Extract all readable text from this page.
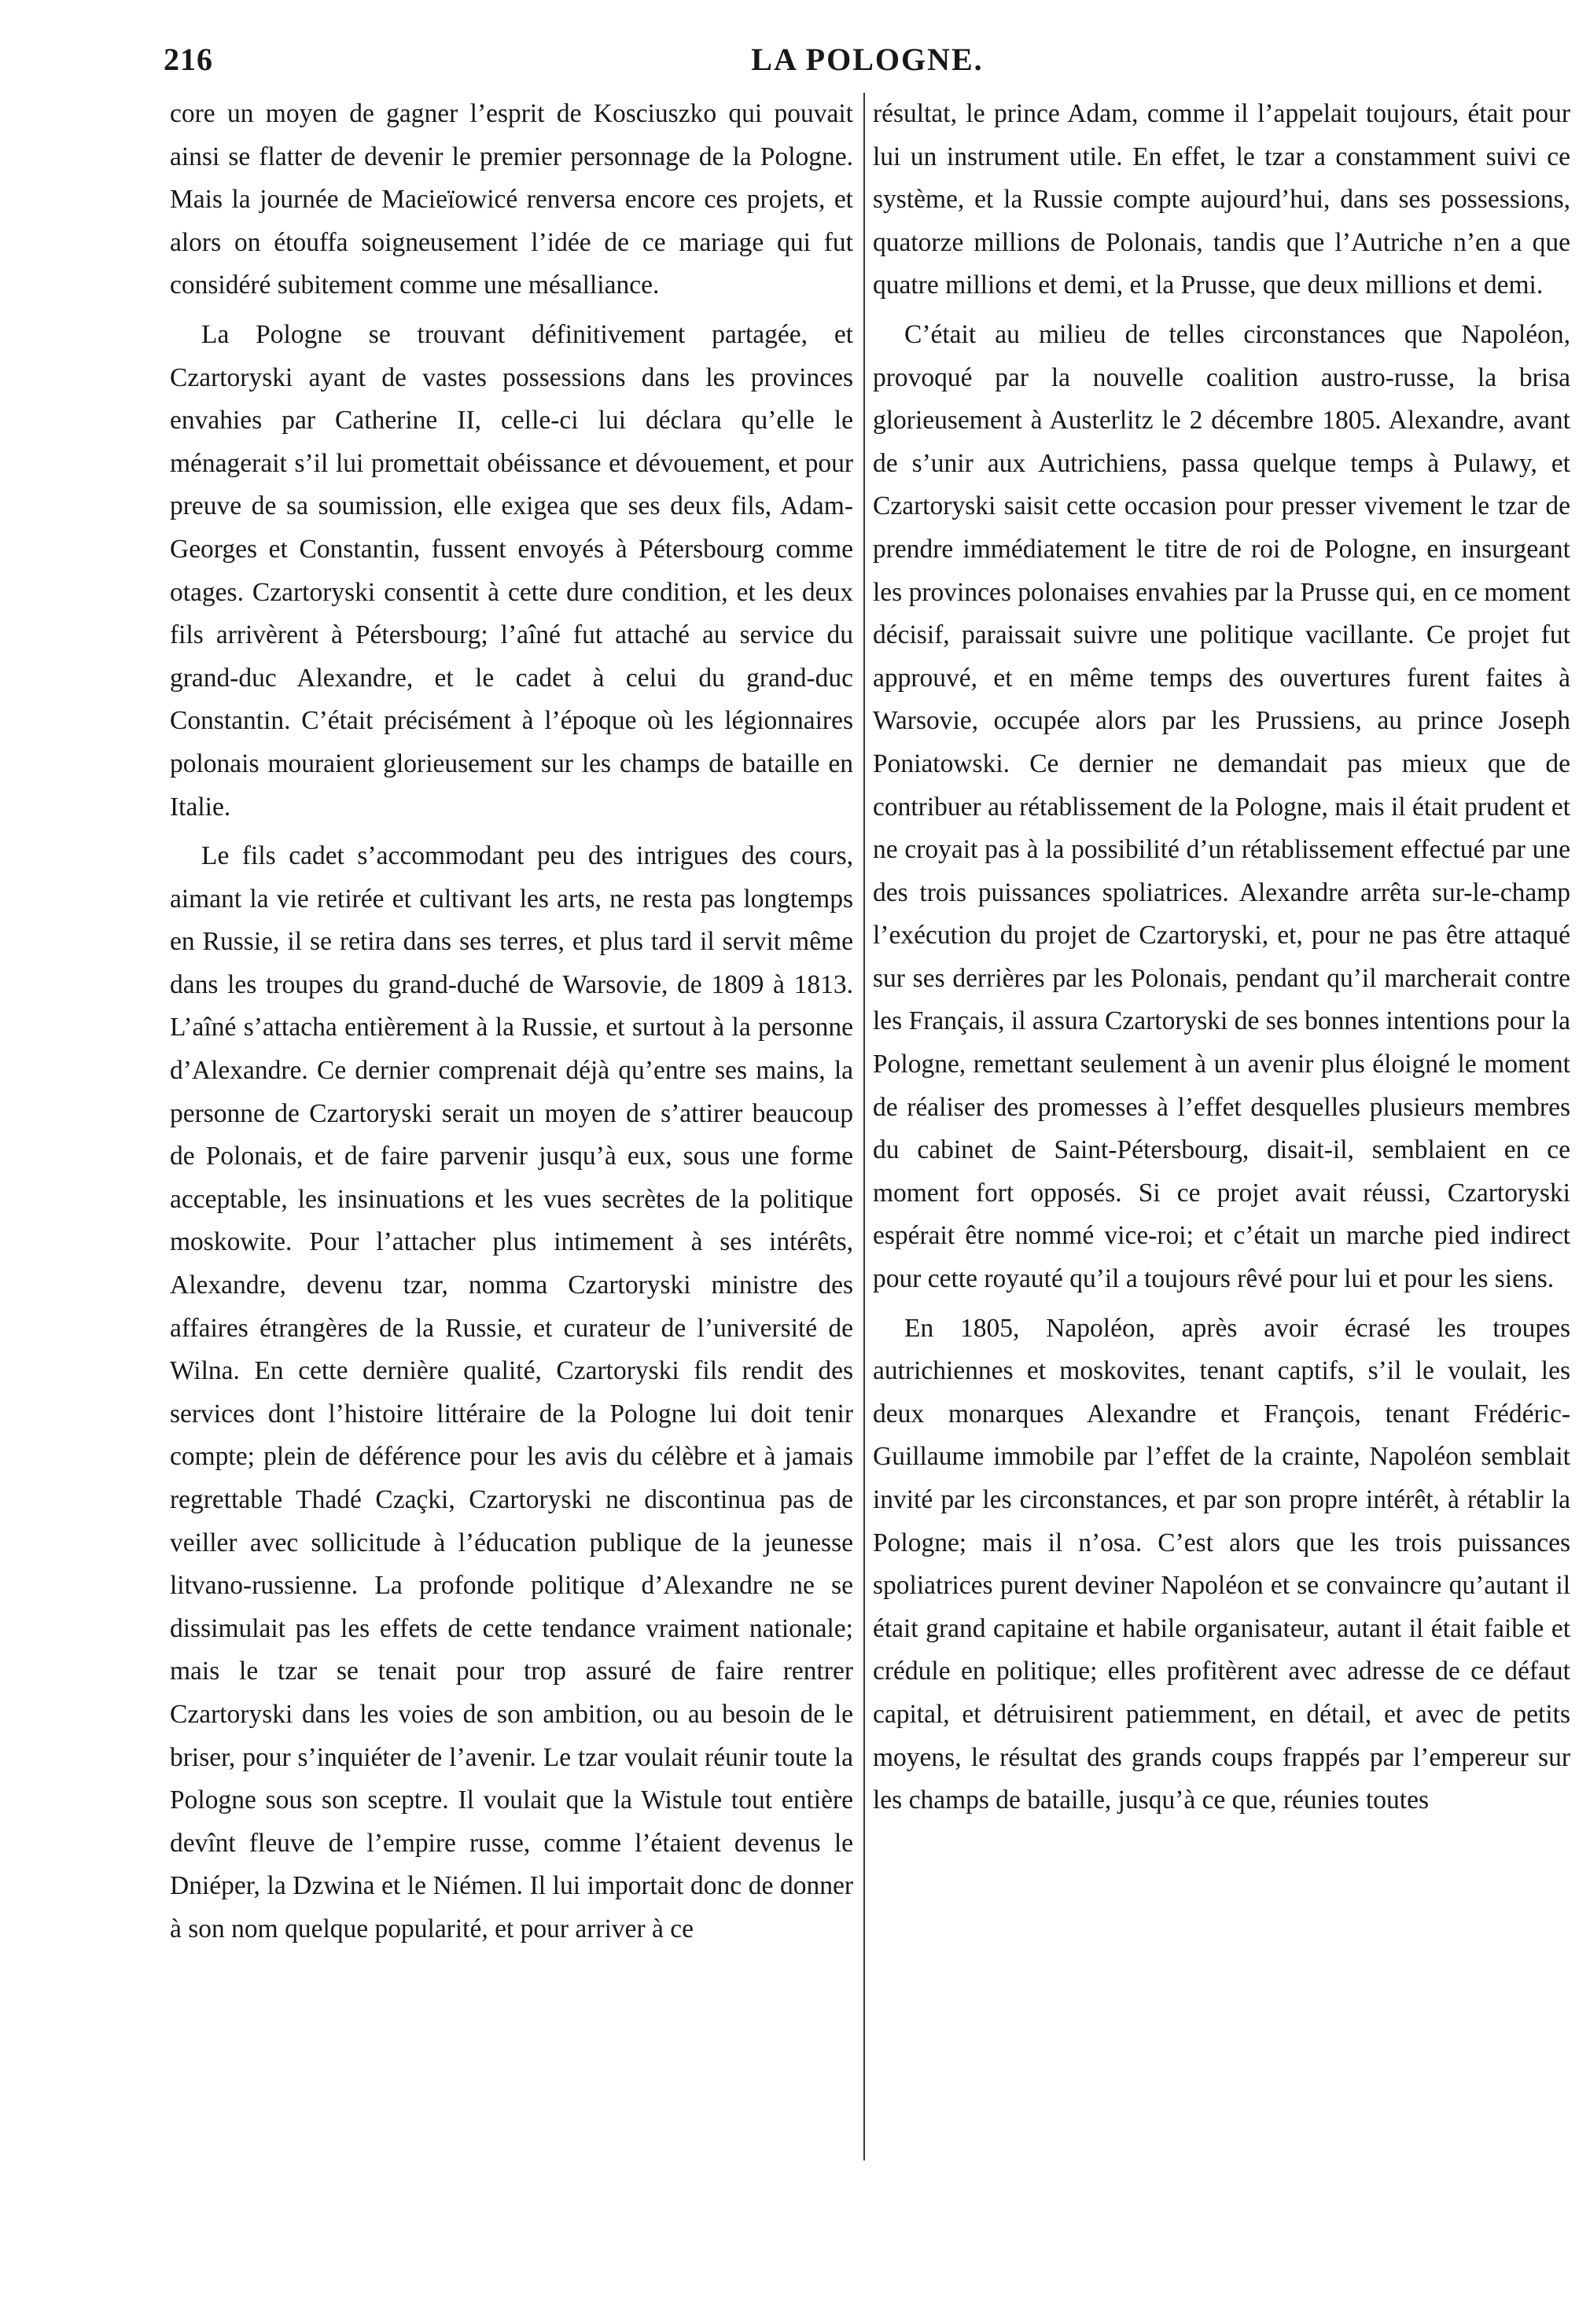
216	LA POLOGNE.

core un moyen de gagner l’esprit de Kosciuszko qui pouvait ainsi se flatter de devenir le premier personnage de la Pologne. Mais la journée de Macieïowicé renversa encore ces projets, et alors on étouffa soigneusement l’idée de ce mariage qui fut considéré subitement comme une mésalliance.

La Pologne se trouvant définitivement partagée, et Czartoryski ayant de vastes possessions dans les provinces envahies par Catherine II, celle-ci lui déclara qu’elle le ménagerait s’il lui promettait obéissance et dévouement, et pour preuve de sa soumission, elle exigea que ses deux fils, Adam-Georges et Constantin, fussent envoyés à Pétersbourg comme otages. Czartoryski consentit à cette dure condition, et les deux fils arrivèrent à Pétersbourg; l’aîné fut attaché au service du grand-duc Alexandre, et le cadet à celui du grand-duc Constantin. C’était précisément à l’époque où les légionnaires polonais mouraient glorieusement sur les champs de bataille en Italie.

Le fils cadet s’accommodant peu des intrigues des cours, aimant la vie retirée et cultivant les arts, ne resta pas longtemps en Russie, il se retira dans ses terres, et plus tard il servit même dans les troupes du grand-duché de Warsovie, de 1809 à 1813. L’aîné s’attacha entièrement à la Russie, et surtout à la personne d’Alexandre. Ce dernier comprenait déjà qu’entre ses mains, la personne de Czartoryski serait un moyen de s’attirer beaucoup de Polonais, et de faire parvenir jusqu’à eux, sous une forme acceptable, les insinuations et les vues secrètes de la politique moskowite. Pour l’attacher plus intimement à ses intérêts, Alexandre, devenu tzar, nomma Czartoryski ministre des affaires étrangères de la Russie, et curateur de l’université de Wilna. En cette dernière qualité, Czartoryski fils rendit des services dont l’histoire littéraire de la Pologne lui doit tenir compte; plein de déférence pour les avis du célèbre et à jamais regrettable Thadé Czaçki, Czartoryski ne discontinua pas de veiller avec sollicitude à l’éducation publique de la jeunesse litvano-russienne. La profonde politique d’Alexandre ne se dissimulait pas les effets de cette tendance vraiment nationale; mais le tzar se tenait pour trop assuré de faire rentrer Czartoryski dans les voies de son ambition, ou au besoin de le briser, pour s’inquiéter de l’avenir. Le tzar voulait réunir toute la Pologne sous son sceptre. Il voulait que la Wistule tout entière devînt fleuve de l’empire russe, comme l’étaient devenus le Dniéper, la Dzwina et le Niémen. Il lui importait donc de donner à son nom quelque popularité, et pour arriver à ce

résultat, le prince Adam, comme il l’appelait toujours, était pour lui un instrument utile. En effet, le tzar a constamment suivi ce système, et la Russie compte aujourd’hui, dans ses possessions, quatorze millions de Polonais, tandis que l’Autriche n’en a que quatre millions et demi, et la Prusse, que deux millions et demi.

C’était au milieu de telles circonstances que Napoléon, provoqué par la nouvelle coalition austro-russe, la brisa glorieusement à Austerlitz le 2 décembre 1805. Alexandre, avant de s’unir aux Autrichiens, passa quelque temps à Pulawy, et Czartoryski saisit cette occasion pour presser vivement le tzar de prendre immédiatement le titre de roi de Pologne, en insurgeant les provinces polonaises envahies par la Prusse qui, en ce moment décisif, paraissait suivre une politique vacillante. Ce projet fut approuvé, et en même temps des ouvertures furent faites à Warsovie, occupée alors par les Prussiens, au prince Joseph Poniatowski. Ce dernier ne demandait pas mieux que de contribuer au rétablissement de la Pologne, mais il était prudent et ne croyait pas à la possibilité d’un rétablissement effectué par une des trois puissances spoliatrices. Alexandre arrêta sur-le-champ l’exécution du projet de Czartoryski, et, pour ne pas être attaqué sur ses derrières par les Polonais, pendant qu’il marcherait contre les Français, il assura Czartoryski de ses bonnes intentions pour la Pologne, remettant seulement à un avenir plus éloigné le moment de réaliser des promesses à l’effet desquelles plusieurs membres du cabinet de Saint-Pétersbourg, disait-il, semblaient en ce moment fort opposés. Si ce projet avait réussi, Czartoryski espérait être nommé vice-roi; et c’était un marche pied indirect pour cette royauté qu’il a toujours rêvé pour lui et pour les siens.

En 1805, Napoléon, après avoir écrasé les troupes autrichiennes et moskovites, tenant captifs, s’il le voulait, les deux monarques Alexandre et François, tenant Frédéric-Guillaume immobile par l’effet de la crainte, Napoléon semblait invité par les circonstances, et par son propre intérêt, à rétablir la Pologne; mais il n’osa. C’est alors que les trois puissances spoliatrices purent deviner Napoléon et se convaincre qu’autant il était grand capitaine et habile organisateur, autant il était faible et crédule en politique; elles profitèrent avec adresse de ce défaut capital, et détruisirent patiemment, en détail, et avec de petits moyens, le résultat des grands coups frappés par l’empereur sur les champs de bataille, jusqu’à ce que, réunies toutes
